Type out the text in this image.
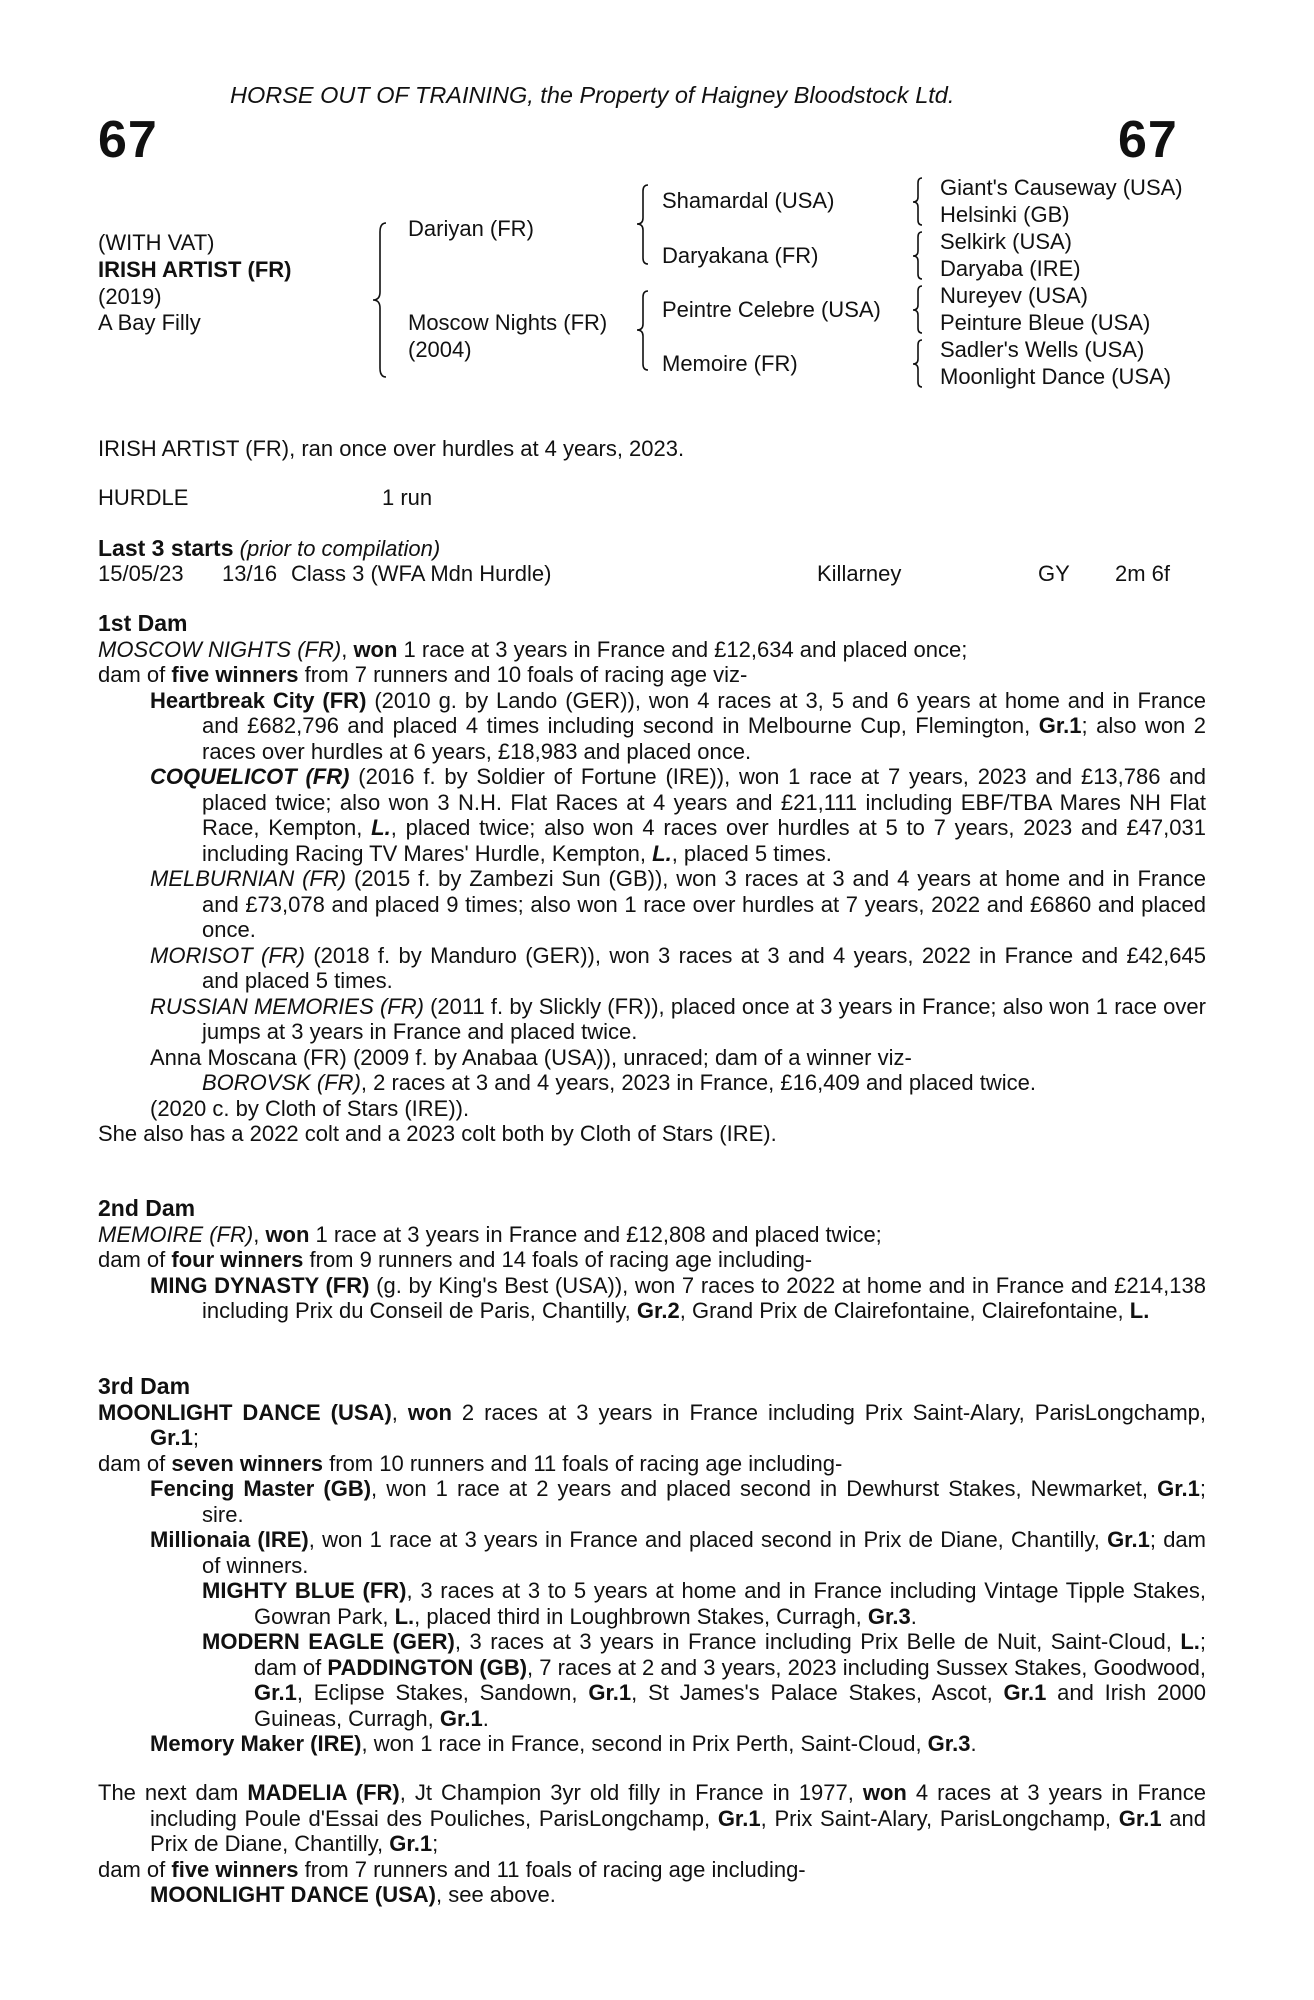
HORSE OUT OF TRAINING, the Property of Haigney Bloodstock Ltd.
67	67
(WITH VAT)
IRISH ARTIST (FR)
(2019)
A Bay Filly
Dariyan (FR)
Moscow Nights (FR)
(2004)
Shamardal (USA)
Daryakana (FR)
Peintre Celebre (USA)
Memoire (FR)
Giant's Causeway (USA)
Helsinki (GB)
Selkirk (USA)
Daryaba (IRE)
Nureyev (USA)
Peinture Bleue (USA)
Sadler's Wells (USA)
Moonlight Dance (USA)
IRISH ARTIST (FR), ran once over hurdles at 4 years, 2023.
HURDLE	1 run
Last 3 starts (prior to compilation)
15/05/23 13/16 Class 3 (WFA Mdn Hurdle)	Killarney	GY 2m 6f

1st Dam

MOSCOW NIGHTS (FR), won 1 race at 3 years in France and £12,634 and placed once;

dam of five winners from 7 runners and 10 foals of racing age viz-

Heartbreak City (FR) (2010 g. by Lando (GER)), won 4 races at 3, 5 and 6 years at home and in France and £682,796 and placed 4 times including second in Melbourne Cup, Flemington, Gr.1; also won 2 races over hurdles at 6 years, £18,983 and placed once.

COQUELICOT (FR) (2016 f. by Soldier of Fortune (IRE)), won 1 race at 7 years, 2023 and £13,786 and placed twice; also won 3 N.H. Flat Races at 4 years and £21,111 including EBF/TBA Mares NH Flat Race, Kempton, L., placed twice; also won 4 races over hurdles at 5 to 7 years, 2023 and £47,031 including Racing TV Mares' Hurdle, Kempton, L., placed 5 times.

MELBURNIAN (FR) (2015 f. by Zambezi Sun (GB)), won 3 races at 3 and 4 years at home and in France and £73,078 and placed 9 times; also won 1 race over hurdles at 7 years, 2022 and £6860 and placed once.

MORISOT (FR) (2018 f. by Manduro (GER)), won 3 races at 3 and 4 years, 2022 in France and £42,645 and placed 5 times.

RUSSIAN MEMORIES (FR) (2011 f. by Slickly (FR)), placed once at 3 years in France; also won 1 race over jumps at 3 years in France and placed twice.

Anna Moscana (FR) (2009 f. by Anabaa (USA)), unraced; dam of a winner viz-

BOROVSK (FR), 2 races at 3 and 4 years, 2023 in France, £16,409 and placed twice.

(2020 c. by Cloth of Stars (IRE)).

She also has a 2022 colt and a 2023 colt both by Cloth of Stars (IRE).

2nd Dam

MEMOIRE (FR), won 1 race at 3 years in France and £12,808 and placed twice;

dam of four winners from 9 runners and 14 foals of racing age including-

MING DYNASTY (FR) (g. by King's Best (USA)), won 7 races to 2022 at home and in France and £214,138 including Prix du Conseil de Paris, Chantilly, Gr.2, Grand Prix de Clairefontaine, Clairefontaine, L.

3rd Dam

MOONLIGHT DANCE (USA), won 2 races at 3 years in France including Prix Saint-Alary, ParisLongchamp, Gr.1;

dam of seven winners from 10 runners and 11 foals of racing age including-

Fencing Master (GB), won 1 race at 2 years and placed second in Dewhurst Stakes, Newmarket, Gr.1; sire.

Millionaia (IRE), won 1 race at 3 years in France and placed second in Prix de Diane, Chantilly, Gr.1; dam of winners.

MIGHTY BLUE (FR), 3 races at 3 to 5 years at home and in France including Vintage Tipple Stakes, Gowran Park, L., placed third in Loughbrown Stakes, Curragh, Gr.3.

MODERN EAGLE (GER), 3 races at 3 years in France including Prix Belle de Nuit, Saint-Cloud, L.; dam of PADDINGTON (GB), 7 races at 2 and 3 years, 2023 including Sussex Stakes, Goodwood, Gr.1, Eclipse Stakes, Sandown, Gr.1, St James's Palace Stakes, Ascot, Gr.1 and Irish 2000 Guineas, Curragh, Gr.1.

Memory Maker (IRE), won 1 race in France, second in Prix Perth, Saint-Cloud, Gr.3.

The next dam MADELIA (FR), Jt Champion 3yr old filly in France in 1977, won 4 races at 3 years in France including Poule d'Essai des Pouliches, ParisLongchamp, Gr.1, Prix Saint-Alary, ParisLongchamp, Gr.1 and Prix de Diane, Chantilly, Gr.1;

dam of five winners from 7 runners and 11 foals of racing age including-

MOONLIGHT DANCE (USA), see above.
